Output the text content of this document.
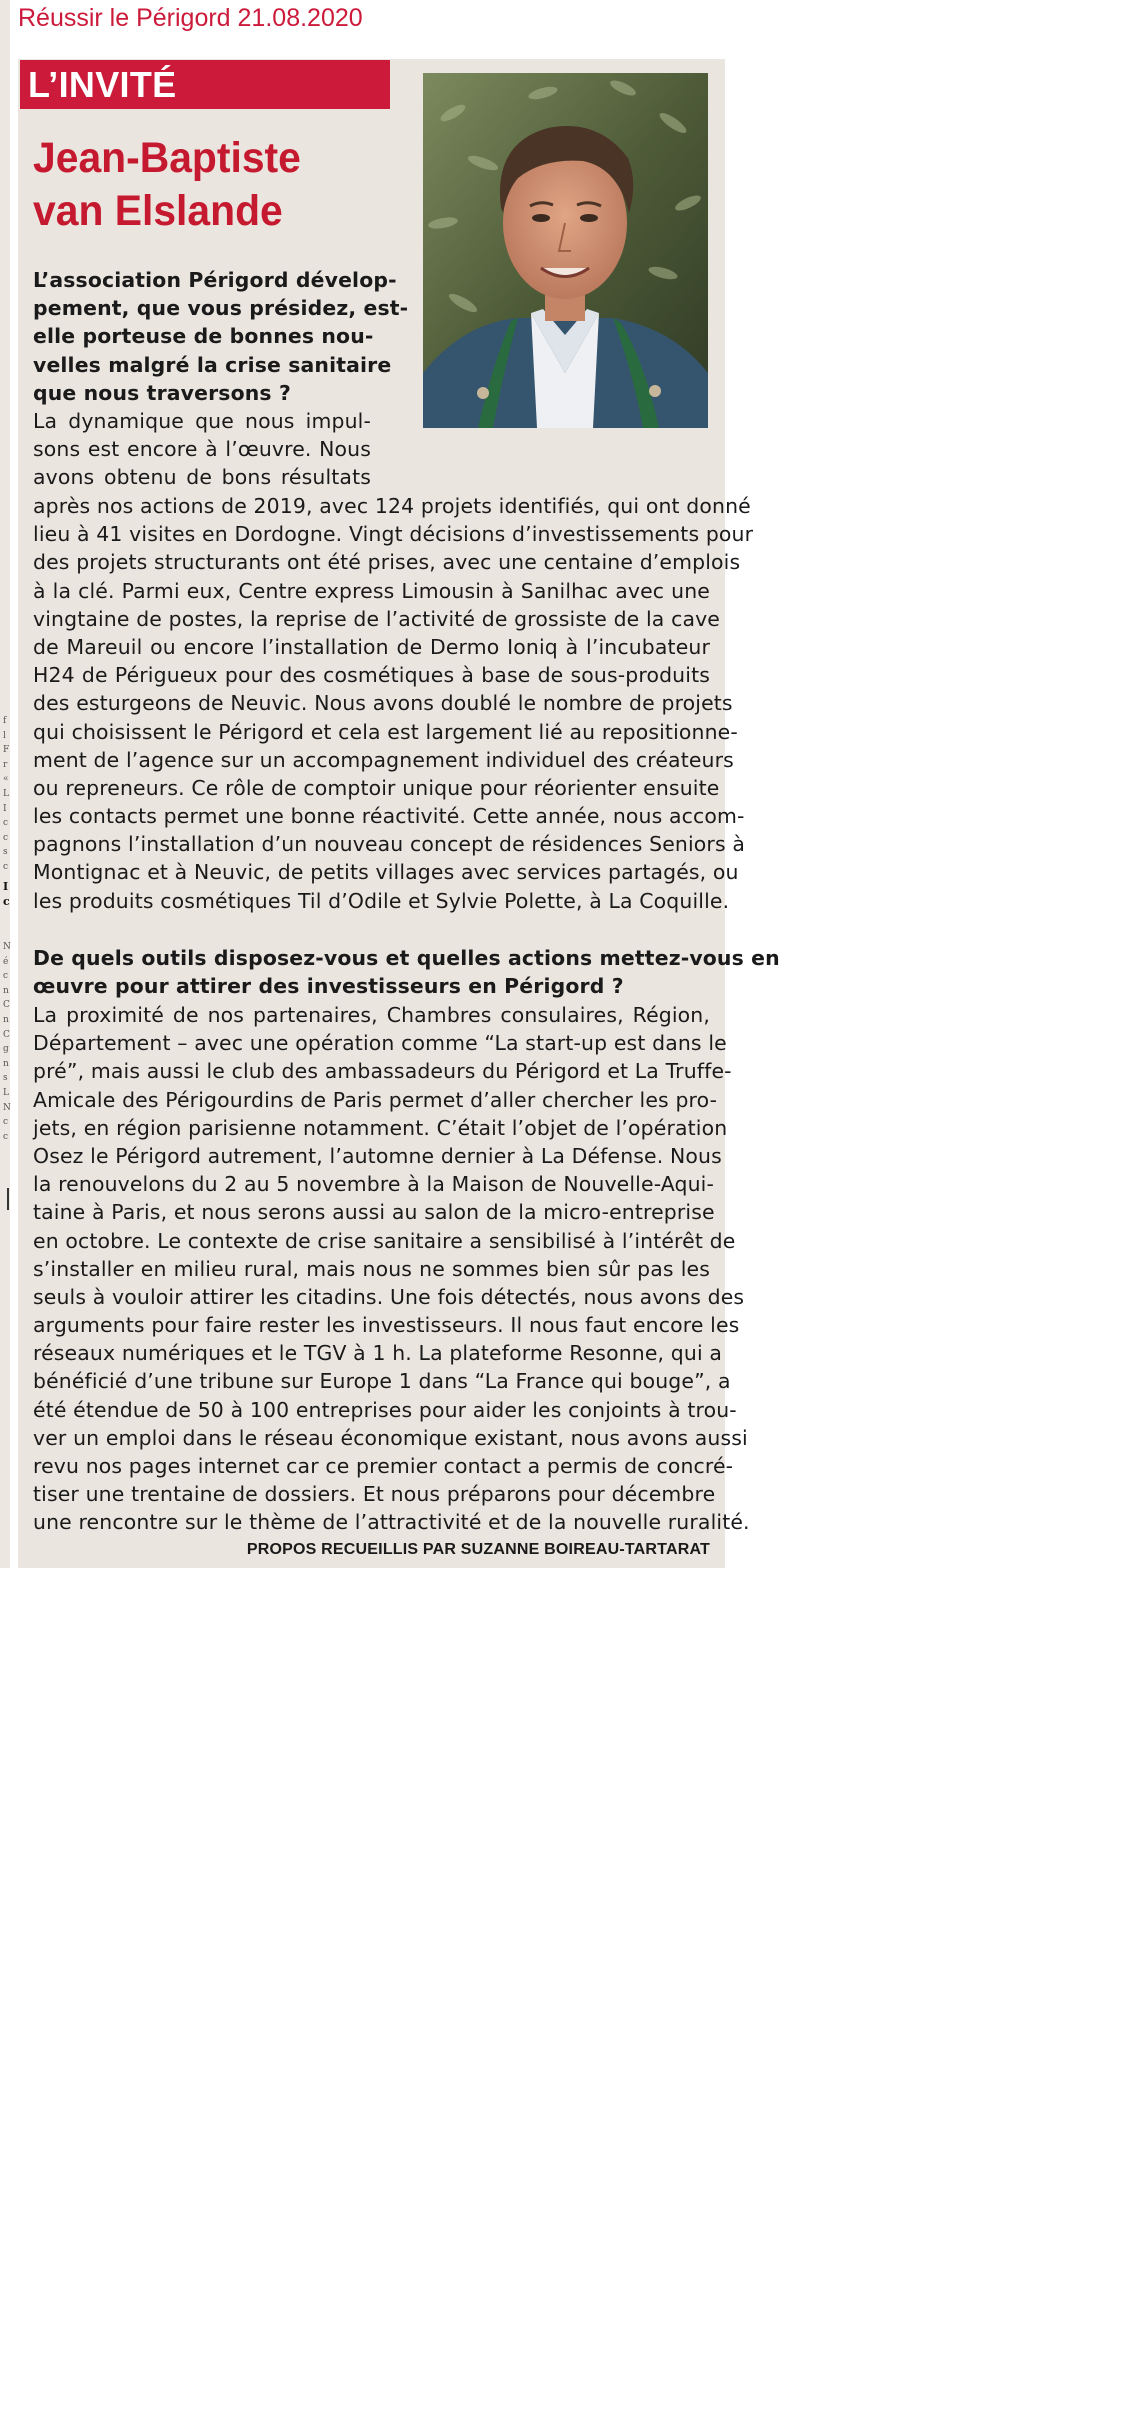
f
l
F
r
«
L
I
c
c
s
c
I
c
N
é
c
n
C
n
C
g
n
s
L
N
c
c
Réussir le Périgord 21.08.2020
L’INVITÉ
Jean-Baptiste
van Elslande
L’association Périgord dévelop-
pement, que vous présidez, est-
elle porteuse de bonnes nou-
velles malgré la crise sanitaire
que nous traversons ?
La dynamique que nous impul-
sons est encore à l’œuvre. Nous
avons obtenu de bons résultats
après nos actions de 2019, avec 124 projets identifiés, qui ont donné
lieu à 41 visites en Dordogne. Vingt décisions d’investissements pour
des projets structurants ont été prises, avec une centaine d’emplois
à la clé. Parmi eux, Centre express Limousin à Sanilhac avec une
vingtaine de postes, la reprise de l’activité de grossiste de la cave
de Mareuil ou encore l’installation de Dermo Ioniq à l’incubateur
H24 de Périgueux pour des cosmétiques à base de sous-produits
des esturgeons de Neuvic. Nous avons doublé le nombre de projets
qui choisissent le Périgord et cela est largement lié au repositionne-
ment de l’agence sur un accompagnement individuel des créateurs
ou repreneurs. Ce rôle de comptoir unique pour réorienter ensuite
les contacts permet une bonne réactivité. Cette année, nous accom-
pagnons l’installation d’un nouveau concept de résidences Seniors à
Montignac et à Neuvic, de petits villages avec services partagés, ou
les produits cosmétiques Til d’Odile et Sylvie Polette, à La Coquille.
De quels outils disposez-vous et quelles actions mettez-vous en
œuvre pour attirer des investisseurs en Périgord ?
La proximité de nos partenaires, Chambres consulaires, Région,
Département – avec une opération comme “La start-up est dans le
pré”, mais aussi le club des ambassadeurs du Périgord et La Truffe-
Amicale des Périgourdins de Paris permet d’aller chercher les pro-
jets, en région parisienne notamment. C’était l’objet de l’opération
Osez le Périgord autrement, l’automne dernier à La Défense. Nous
la renouvelons du 2 au 5 novembre à la Maison de Nouvelle-Aqui-
taine à Paris, et nous serons aussi au salon de la micro-entreprise
en octobre. Le contexte de crise sanitaire a sensibilisé à l’intérêt de
s’installer en milieu rural, mais nous ne sommes bien sûr pas les
seuls à vouloir attirer les citadins. Une fois détectés, nous avons des
arguments pour faire rester les investisseurs. Il nous faut encore les
réseaux numériques et le TGV à 1 h. La plateforme Resonne, qui a
bénéficié d’une tribune sur Europe 1 dans “La France qui bouge”, a
été étendue de 50 à 100 entreprises pour aider les conjoints à trou-
ver un emploi dans le réseau économique existant, nous avons aussi
revu nos pages internet car ce premier contact a permis de concré-
tiser une trentaine de dossiers. Et nous préparons pour décembre
une rencontre sur le thème de l’attractivité et de la nouvelle ruralité.
PROPOS RECUEILLIS PAR SUZANNE BOIREAU-TARTARAT
